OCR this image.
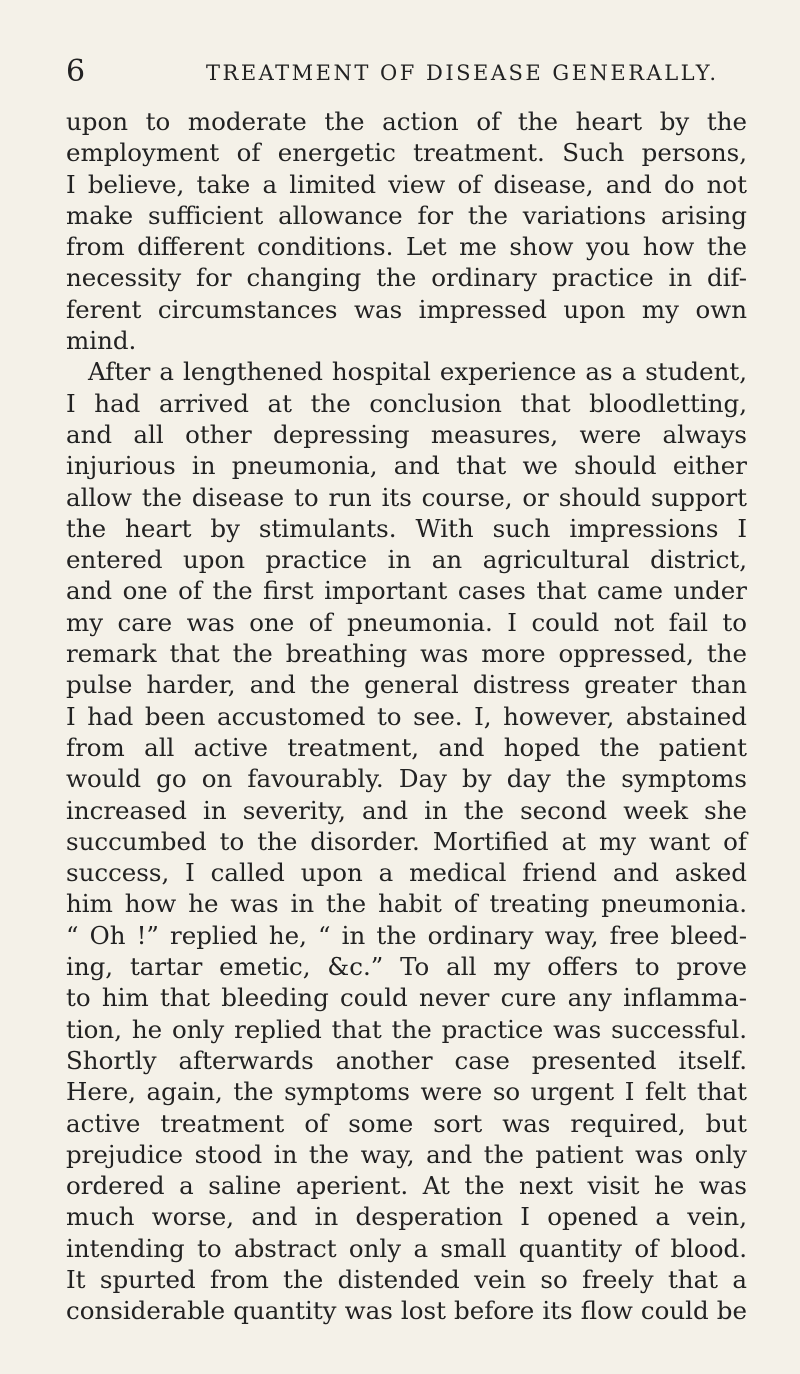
6	TREATMENT OF DISEASE GENERALLY.
upon to moderate the action of the heart by the
employment of energetic treatment. Such persons,
I believe, take a limited view of disease, and do not
make sufficient allowance for the variations arising
from different conditions. Let me show you how the
necessity for changing the ordinary practice in dif-
ferent circumstances was impressed upon my own
mind.
After a lengthened hospital experience as a student,
I had arrived at the conclusion that bloodletting,
and all other depressing measures, were always
injurious in pneumonia, and that we should either
allow the disease to run its course, or should support
the heart by stimulants. With such impressions I
entered upon practice in an agricultural district,
and one of the first important cases that came under
my care was one of pneumonia. I could not fail to
remark that the breathing was more oppressed, the
pulse harder, and the general distress greater than
I had been accustomed to see. I, however, abstained
from all active treatment, and hoped the patient
would go on favourably. Day by day the symptoms
increased in severity, and in the second week she
succumbed to the disorder. Mortified at my want of
success, I called upon a medical friend and asked
him how he was in the habit of treating pneumonia.
“ Oh !” replied he, “ in the ordinary way, free bleed-
ing, tartar emetic, &c.” To all my offers to prove
to him that bleeding could never cure any inflamma-
tion, he only replied that the practice was successful.
Shortly afterwards another case presented itself.
Here, again, the symptoms were so urgent I felt that
active treatment of some sort was required, but
prejudice stood in the way, and the patient was only
ordered a saline aperient. At the next visit he was
much worse, and in desperation I opened a vein,
intending to abstract only a small quantity of blood.
It spurted from the distended vein so freely that a
considerable quantity was lost before its flow could be
